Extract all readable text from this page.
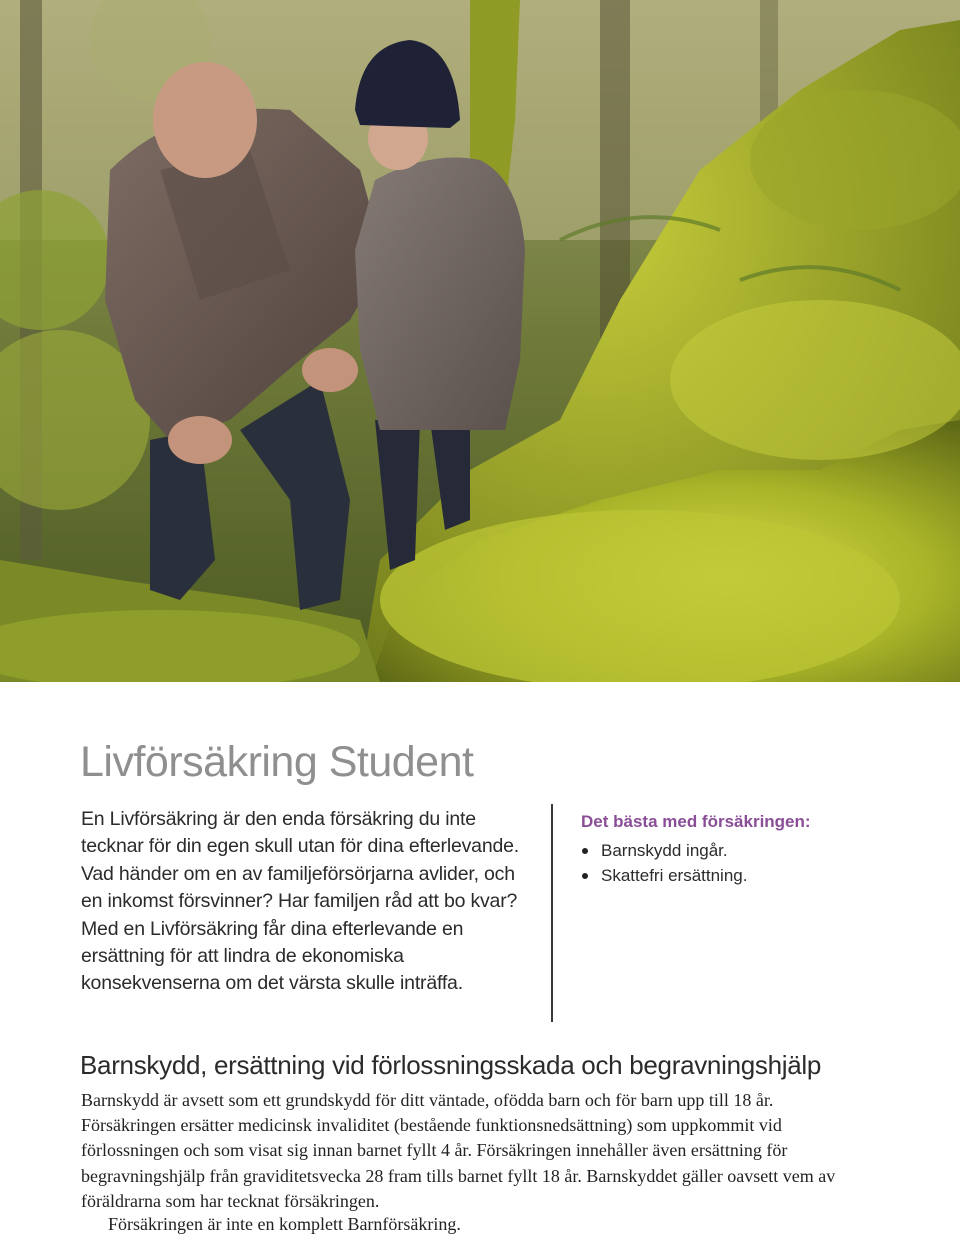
Livförsäkring Student

En Livförsäkring är den enda försäkring du inte tecknar för din egen skull utan för dina efterlevande. Vad händer om en av familjeförsörjarna avlider, och en inkomst försvinner? Har familjen råd att bo kvar? Med en Livförsäkring får dina efterlevande en ersättning för att lindra de ekonomiska konsekvenserna om det värsta skulle inträffa.

Det bästa med försäkringen:
Barnskydd ingår.
Skattefri ersättning.
Barnskydd, ersättning vid förlossningsskada och begravningshjälp

Barnskydd är avsett som ett grundskydd för ditt väntade, ofödda barn och för barn upp till 18 år. Försäkringen ersätter medicinsk invaliditet (bestående funktionsnedsättning) som uppkommit vid förlossningen och som visat sig innan barnet fyllt 4 år. Försäkringen innehåller även ersättning för begravningshjälp från graviditetsvecka 28 fram tills barnet fyllt 18 år. Barnskyddet gäller oavsett vem av föräldrarna som har tecknat försäkringen.

Försäkringen är inte en komplett Barnförsäkring.
